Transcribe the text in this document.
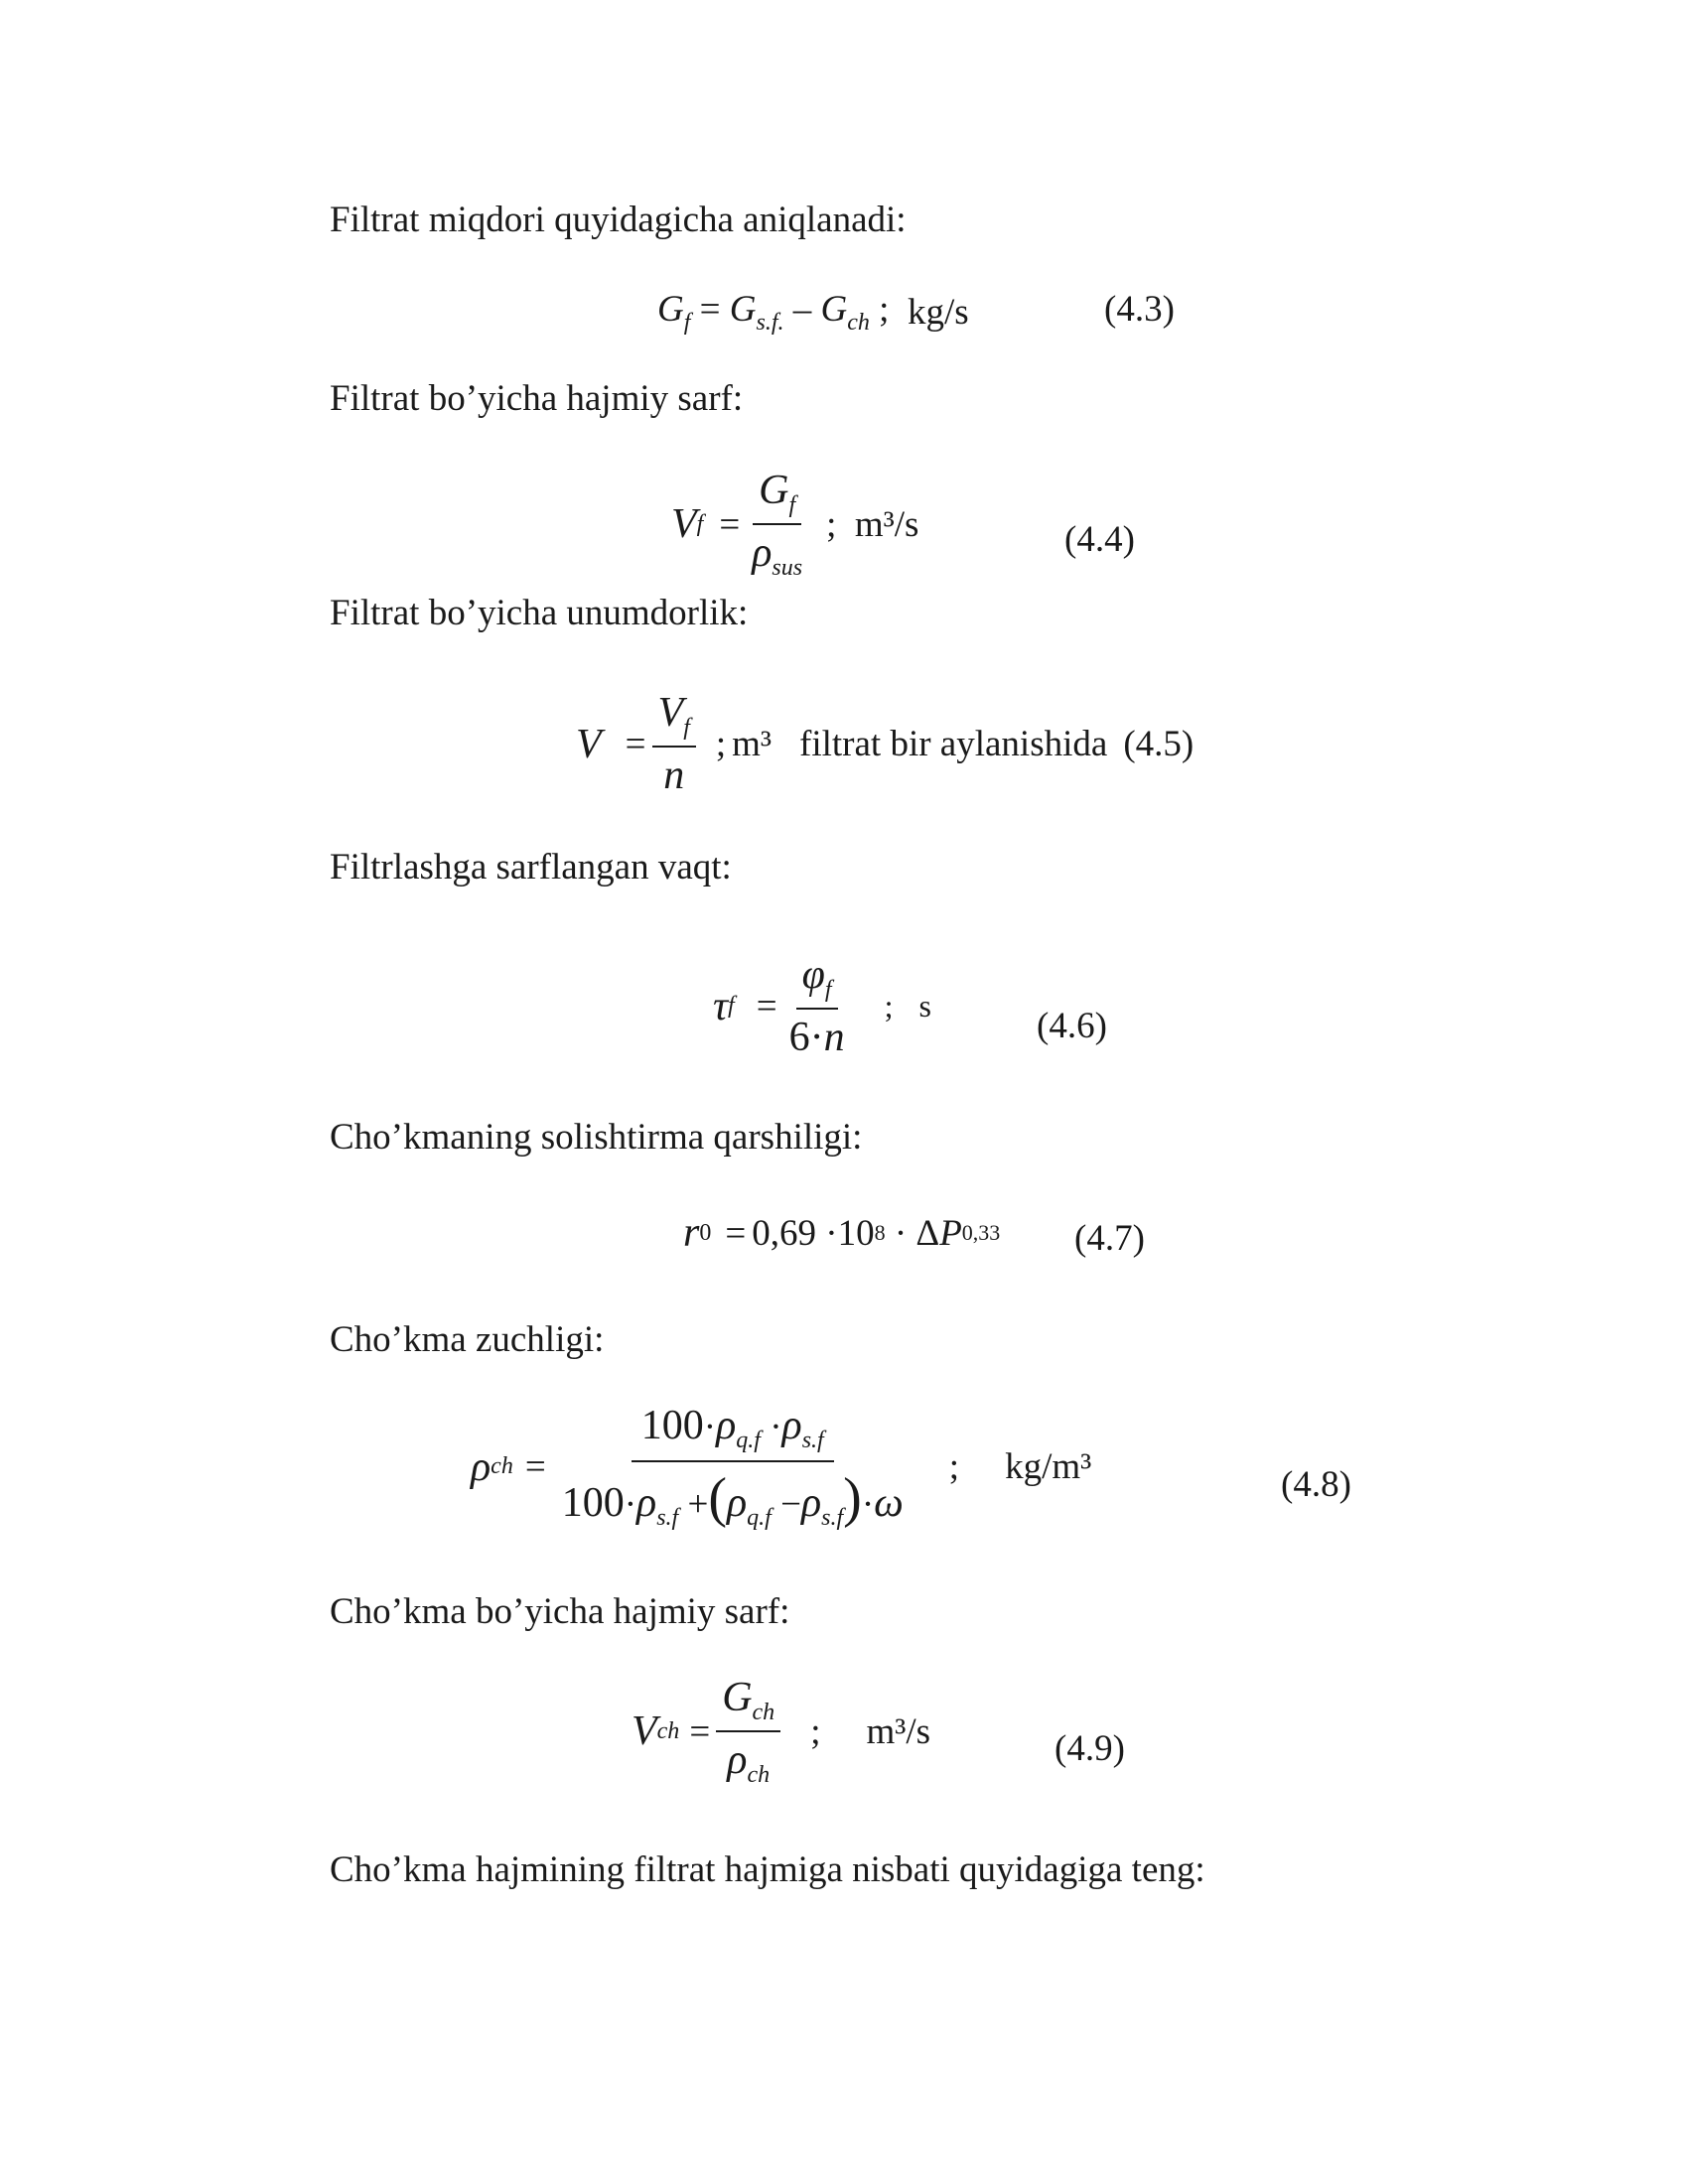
Filtrat miqdori quyidagicha aniqlanadi:
Filtrat bo’yicha hajmiy sarf:
Filtrat bo’yicha unumdorlik:
Filtrlashga sarflangan vaqt:
Cho’kmaning solishtirma qarshiligi:
Cho’kma zuchligi:
Cho’kma bo’yicha hajmiy sarf:
Cho’kma hajmining filtrat hajmiga nisbati quyidagiga teng:
$G_f = G_{s.f.} - G_{ch}$ ; kg/s	(4.3)
V $f = \frac{G_f}{\rho_{sus}}$ ; m³/s	(4.4)
$V = \frac{V_f}{n}$ ; m³ filtrat bir aylanishida (4.5)
τ $f = \frac{\varphi_f}{6\cdot n}$ ; s	(4.6)
r 0 = 0,69 · 10 8 · Δ P 0,33 (4.7)
ρ ch = $\frac{100\cdot\rho_{q.f} \cdot\rho_{s.f}}{100\cdot\rho_{s.f} +(\rho_{q.f} -\rho_{s.f})\cdot\omega}$ ; kg/m³	(4.8)
V ch = $\frac{G_{ch}}{\rho_{ch}}$ ; m³/s	(4.9)
